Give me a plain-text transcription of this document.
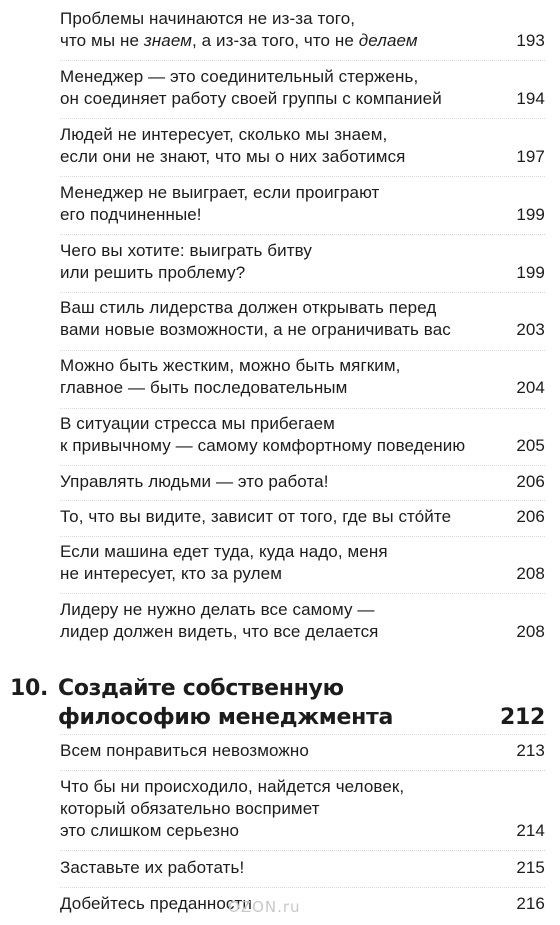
Проблемы начинаются не из-за того,
что мы не знаем, а из-за того, что не делаем	193
Менеджер — это соединительный стержень,
он соединяет работу своей группы с компанией	194
Людей не интересует, сколько мы знаем,
если они не знают, что мы о них заботимся	197
Менеджер не выиграет, если проиграют
его подчиненные!	199
Чего вы хотите: выиграть битву
или решить проблему?	199
Ваш стиль лидерства должен открывать перед
вами новые возможности, а не ограничивать вас	203
Можно быть жестким, можно быть мягким,
главное — быть последовательным	204
В ситуации стресса мы прибегаем
к привычному — самому комфортному поведению	205
Управлять людьми — это работа!	206
То, что вы видите, зависит от того, где вы сто́йте	206
Если машина едет туда, куда надо, меня
не интересует, кто за рулем	208
Лидеру не нужно делать все самому —
лидер должен видеть, что все делается	208
10. Создайте собственную
философию менеджмента	212
Всем понравиться невозможно	213
Что бы ни происходило, найдется человек,
который обязательно воспримет
это слишком серьезно	214
Заставьте их работать!	215
Добейтесь преданности	216
OZON.ru
